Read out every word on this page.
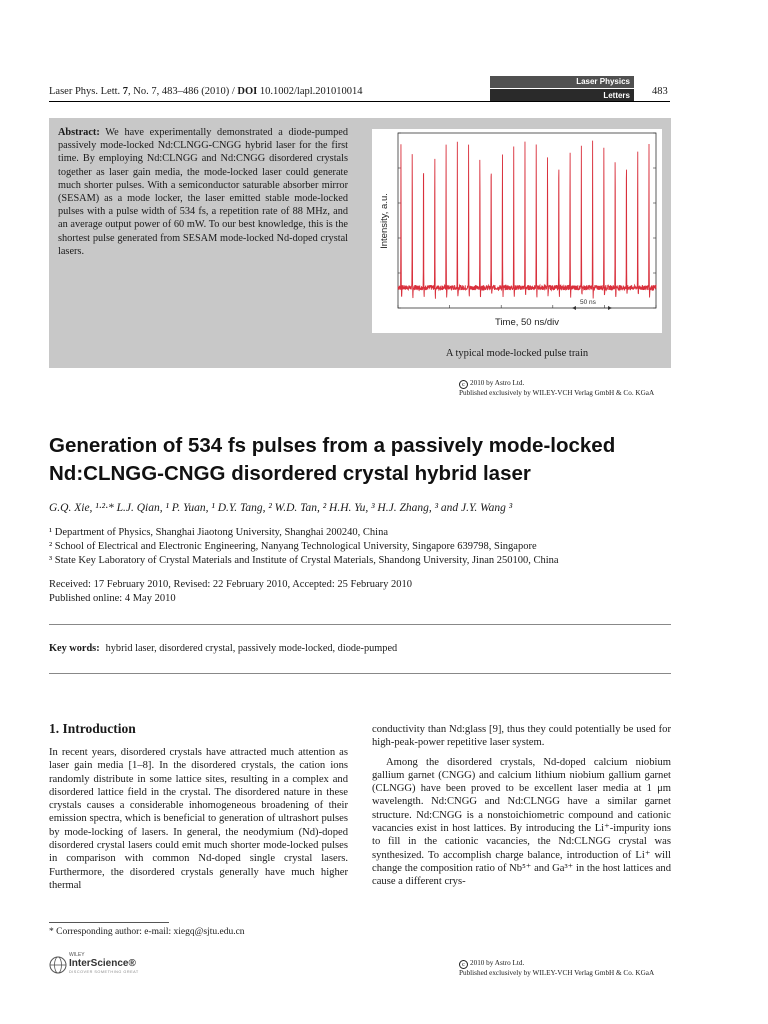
Laser Phys. Lett. 7, No. 7, 483–486 (2010) / DOI 10.1002/lapl.201010014
Laser Physics
Letters	483
Abstract: We have experimentally demonstrated a diode-pumped passively mode-locked Nd:CLNGG-CNGG hybrid laser for the first time. By employing Nd:CLNGG and Nd:CNGG disordered crystals together as laser gain media, the mode-locked laser could generate much shorter pulses. With a semiconductor saturable absorber mirror (SESAM) as a mode locker, the laser emitted stable mode-locked pulses with a pulse width of 534 fs, a repetition rate of 88 MHz, and an average output power of 60 mW. To our best knowledge, this is the shortest pulse generated from SESAM mode-locked Nd-doped crystal lasers.
50 ns
Time, 50 ns/div
Intensity, a.u.
A typical mode-locked pulse train
c 2010 by Astro Ltd.
Published exclusively by WILEY-VCH Verlag GmbH & Co. KGaA
Generation of 534 fs pulses from a passively mode-locked Nd:CLNGG-CNGG disordered crystal hybrid laser
G.Q. Xie, ¹·²·* L.J. Qian, ¹ P. Yuan, ¹ D.Y. Tang, ² W.D. Tan, ² H.H. Yu, ³ H.J. Zhang, ³ and J.Y. Wang ³
¹ Department of Physics, Shanghai Jiaotong University, Shanghai 200240, China
² School of Electrical and Electronic Engineering, Nanyang Technological University, Singapore 639798, Singapore
³ State Key Laboratory of Crystal Materials and Institute of Crystal Materials, Shandong University, Jinan 250100, China
Received: 17 February 2010, Revised: 22 February 2010, Accepted: 25 February 2010
Published online: 4 May 2010
Key words: hybrid laser, disordered crystal, passively mode-locked, diode-pumped
1. Introduction

In recent years, disordered crystals have attracted much attention as laser gain media [1–8]. In the disordered crystals, the cation ions randomly distribute in some lattice sites, resulting in a complex and disordered lattice field in the crystal. The disordered nature in these crystals causes a considerable inhomogeneous broadening of their emission spectra, which is beneficial to generation of ultrashort pulses by mode-locking of lasers. In general, the neodymium (Nd)-doped disordered crystal lasers could emit much shorter mode-locked pulses in comparison with common Nd-doped single crystal lasers. Furthermore, the disordered crystals generally have much higher thermal

conductivity than Nd:glass [9], thus they could potentially be used for high-peak-power repetitive laser system.

Among the disordered crystals, Nd-doped calcium niobium gallium garnet (CNGG) and calcium lithium niobium gallium garnet (CLNGG) have been proved to be excellent laser media at 1 μm wavelength. Nd:CNGG and Nd:CLNGG have a similar garnet structure. Nd:CNGG is a nonstoichiometric compound and cationic vacancies exist in host lattices. By introducing the Li⁺-impurity ions to fill in the cationic vacancies, the Nd:CLNGG crystal was synthesized. To accomplish charge balance, introduction of Li⁺ will change the composition ratio of Nb⁵⁺ and Ga³⁺ in the host lattices and cause a different crys-

* Corresponding author: e-mail: xiegq@sjtu.edu.cn
WILEY
InterScience®
DISCOVER SOMETHING GREAT
c 2010 by Astro Ltd.
Published exclusively by WILEY-VCH Verlag GmbH & Co. KGaA
